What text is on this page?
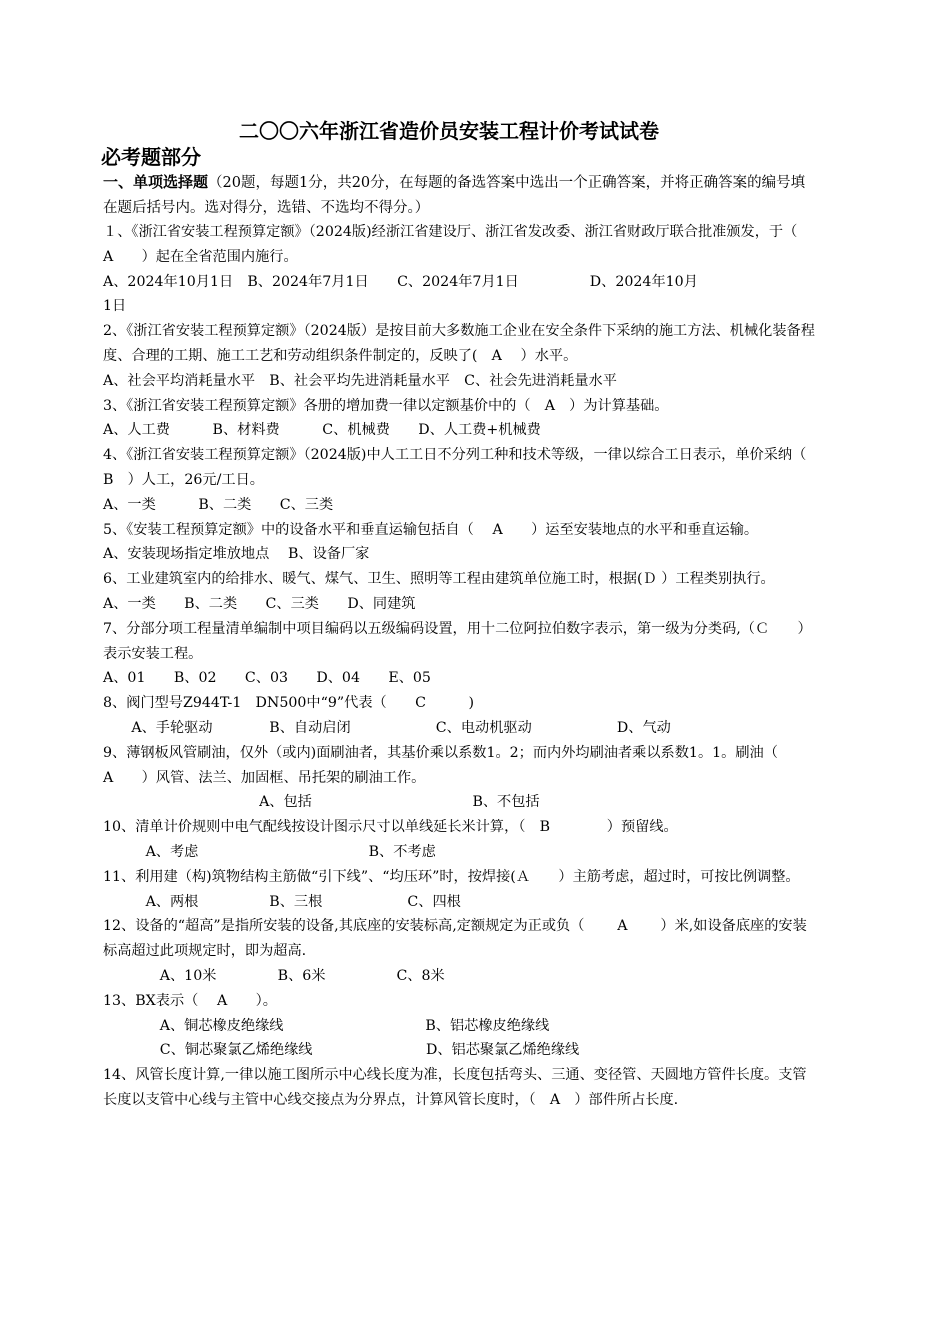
二〇〇六年浙江省造价员安装工程计价考试试卷
必考题部分
一、单项选择题（20题，每题1分，共20分，在每题的备选答案中选出一个正确答案，并将正确答案的编号填在题后括号内。选对得分，选错、不选均不得分。）
１、《浙江省安装工程预算定额》（2024版)经浙江省建设厅、浙江省发改委、浙江省财政厅联合批准颁发，于（　　A　　）起在全省范围内施行。
A、2024年10月1日　B、2024年7月1日　　C、2024年7月1日　　　　　D、2024年10月
1日
2、《浙江省安装工程预算定额》（2024版）是按目前大多数施工企业在安全条件下采纳的施工方法、机械化装备程度、合理的工期、施工工艺和劳动组织条件制定的，反映了(　A　 ）水平。
A、社会平均消耗量水平　B、社会平均先进消耗量水平　C、社会先进消耗量水平
3、《浙江省安装工程预算定额》各册的增加费一律以定额基价中的（　A　）为计算基础。
A、人工费　　　B、材料费　　　C、机械费　　D、人工费+机械费
4、《浙江省安装工程预算定额》（2024版)中人工工日不分列工种和技术等级，一律以综合工日表示，单价采纳（　B　）人工，26元/工日。
A、一类　　　B、二类　　C、三类
5、《安装工程预算定额》中的设备水平和垂直运输包括自（　 A　　）运至安装地点的水平和垂直运输。
A、安装现场指定堆放地点　 B、设备厂家
6、工业建筑室内的给排水、暖气、煤气、卫生、照明等工程由建筑单位施工时，根据(Ｄ ）工程类别执行。
A、一类　　B、二类　　C、三类　　D、同建筑
7、分部分项工程量清单编制中项目编码以五级编码设置，用十二位阿拉伯数字表示，第一级为分类码,（Ｃ　　）表示安装工程。
A、01　　B、02　　C、03　　D、04　　E、05
8、阀门型号Z944T-1　DN500中“9”代表（　　C　　　)
　　A、手轮驱动　　　　B、自动启闭　　　　　　C、电动机驱动　　　　　　D、气动
9、薄钢板风管刷油，仅外（或内)面刷油者，其基价乘以系数1。2；而内外均刷油者乘以系数1。1。刷油（　A　　）风管、法兰、加固框、吊托架的刷油工作。
　　　　　　　　　　　A、包括　　　　　　　　　　　 B、不包括
10、清单计价规则中电气配线按设计图示尺寸以单线延长米计算，（　B　　　　）预留线。
　　　A、考虑　　　　　　　　　　　　B、不考虑
11、利用建（构)筑物结构主筋做“引下线”、“均压环”时，按焊接(Ａ　　）主筋考虑，超过时，可按比例调整。
　　　A、两根　　　　　B、三根　　　　　　C、四根
12、设备的“超高”是指所安装的设备,其底座的安装标高,定额规定为正或负（　　 A　　 ）米,如设备底座的安装标高超过此项规定时，即为超高.
　　　　A、10米　　　　 B、6米　　　　　C、8米
13、BX表示（　 A　　）。
　　　　A、铜芯橡皮绝缘线　　　　　　　　　　B、铝芯橡皮绝缘线
　　　　C、铜芯聚氯乙烯绝缘线　　　　　　　　D、铝芯聚氯乙烯绝缘线
14、风管长度计算,一律以施工图所示中心线长度为准，长度包括弯头、三通、变径管、天圆地方管件长度。支管长度以支管中心线与主管中心线交接点为分界点，计算风管长度时，（　A　）部件所占长度.
